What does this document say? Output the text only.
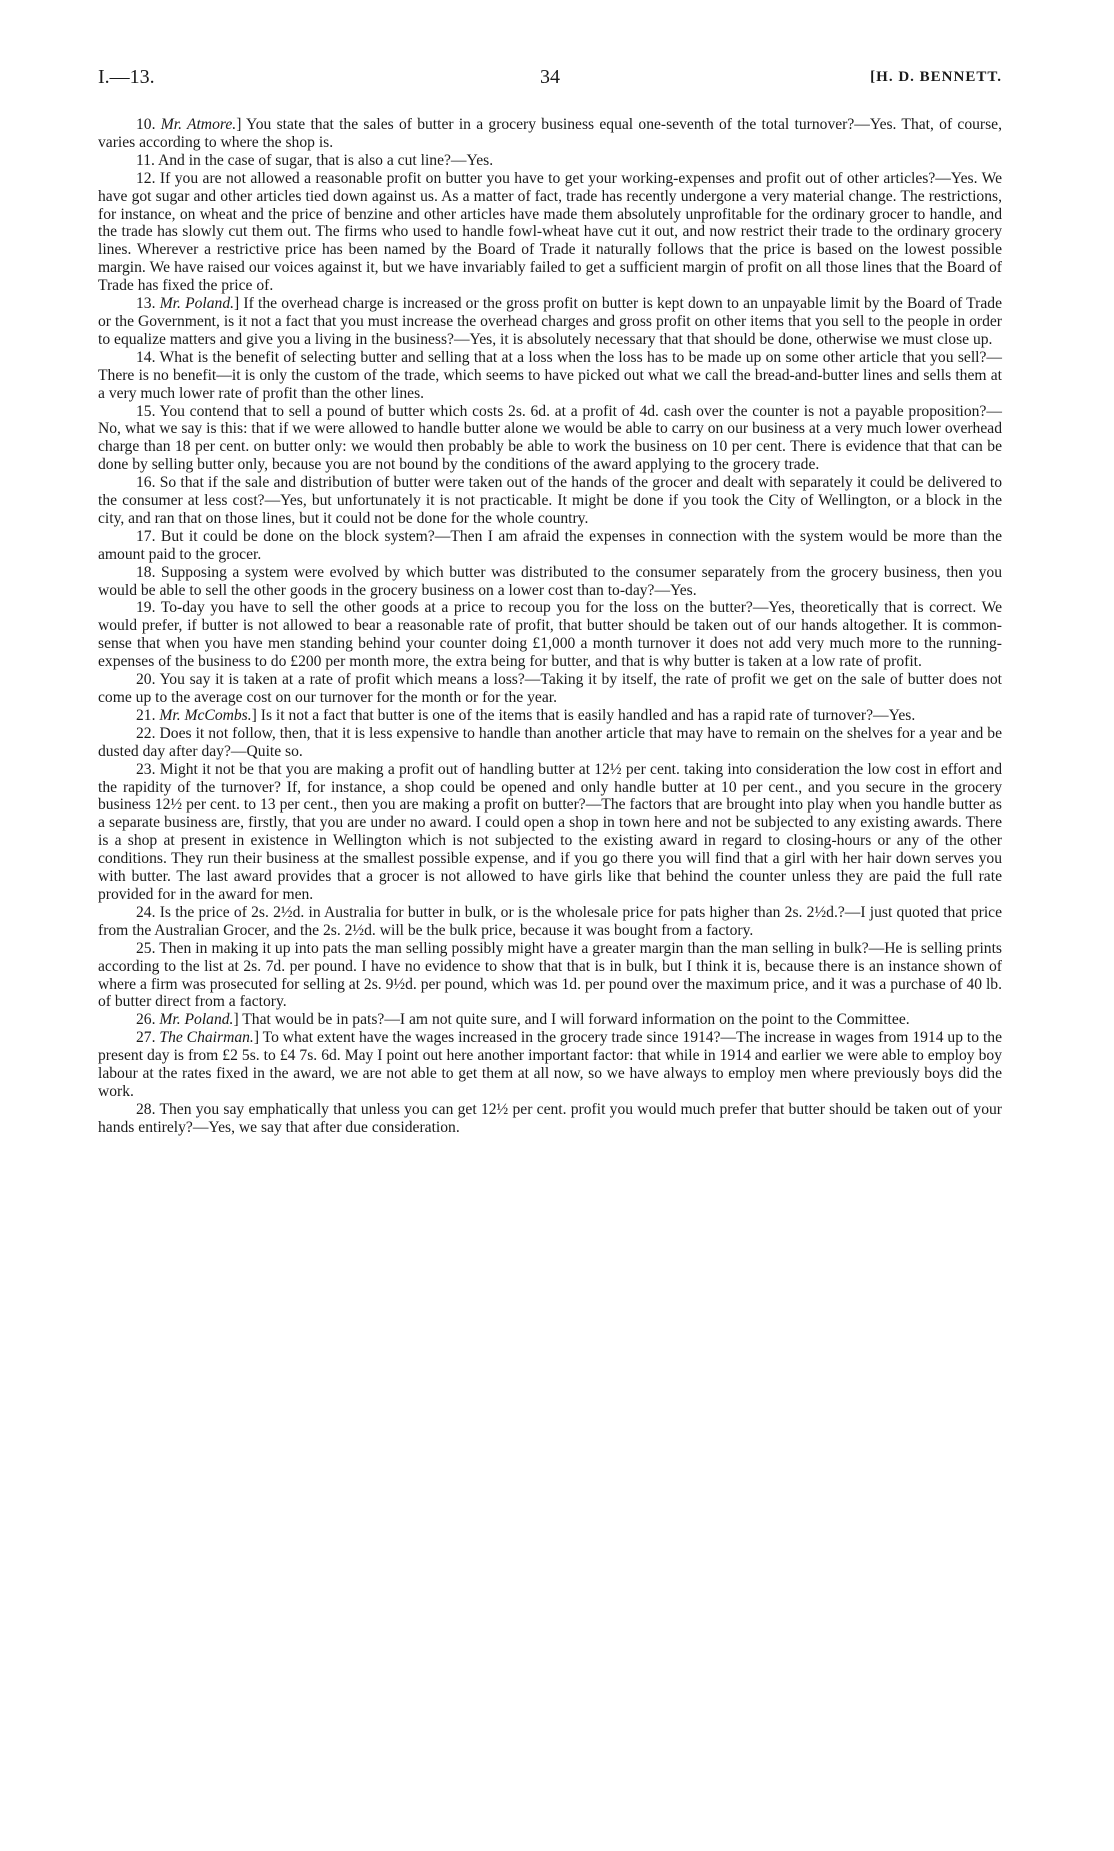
I.—13.	34	[H. D. BENNETT.

10. Mr. Atmore.] You state that the sales of butter in a grocery business equal one-seventh of the total turnover?—Yes. That, of course, varies according to where the shop is.

11. And in the case of sugar, that is also a cut line?—Yes.

12. If you are not allowed a reasonable profit on butter you have to get your working-expenses and profit out of other articles?—Yes. We have got sugar and other articles tied down against us. As a matter of fact, trade has recently undergone a very material change. The restrictions, for instance, on wheat and the price of benzine and other articles have made them absolutely unprofitable for the ordinary grocer to handle, and the trade has slowly cut them out. The firms who used to handle fowl-wheat have cut it out, and now restrict their trade to the ordinary grocery lines. Wherever a restrictive price has been named by the Board of Trade it naturally follows that the price is based on the lowest possible margin. We have raised our voices against it, but we have invariably failed to get a sufficient margin of profit on all those lines that the Board of Trade has fixed the price of.

13. Mr. Poland.] If the overhead charge is increased or the gross profit on butter is kept down to an unpayable limit by the Board of Trade or the Government, is it not a fact that you must increase the overhead charges and gross profit on other items that you sell to the people in order to equalize matters and give you a living in the business?—Yes, it is absolutely necessary that that should be done, otherwise we must close up.

14. What is the benefit of selecting butter and selling that at a loss when the loss has to be made up on some other article that you sell?—There is no benefit—it is only the custom of the trade, which seems to have picked out what we call the bread-and-butter lines and sells them at a very much lower rate of profit than the other lines.

15. You contend that to sell a pound of butter which costs 2s. 6d. at a profit of 4d. cash over the counter is not a payable proposition?—No, what we say is this: that if we were allowed to handle butter alone we would be able to carry on our business at a very much lower overhead charge than 18 per cent. on butter only: we would then probably be able to work the business on 10 per cent. There is evidence that that can be done by selling butter only, because you are not bound by the conditions of the award applying to the grocery trade.

16. So that if the sale and distribution of butter were taken out of the hands of the grocer and dealt with separately it could be delivered to the consumer at less cost?—Yes, but unfortunately it is not practicable. It might be done if you took the City of Wellington, or a block in the city, and ran that on those lines, but it could not be done for the whole country.

17. But it could be done on the block system?—Then I am afraid the expenses in connection with the system would be more than the amount paid to the grocer.

18. Supposing a system were evolved by which butter was distributed to the consumer separately from the grocery business, then you would be able to sell the other goods in the grocery business on a lower cost than to-day?—Yes.

19. To-day you have to sell the other goods at a price to recoup you for the loss on the butter?—Yes, theoretically that is correct. We would prefer, if butter is not allowed to bear a reasonable rate of profit, that butter should be taken out of our hands altogether. It is common-sense that when you have men standing behind your counter doing £1,000 a month turnover it does not add very much more to the running-expenses of the business to do £200 per month more, the extra being for butter, and that is why butter is taken at a low rate of profit.

20. You say it is taken at a rate of profit which means a loss?—Taking it by itself, the rate of profit we get on the sale of butter does not come up to the average cost on our turnover for the month or for the year.

21. Mr. McCombs.] Is it not a fact that butter is one of the items that is easily handled and has a rapid rate of turnover?—Yes.

22. Does it not follow, then, that it is less expensive to handle than another article that may have to remain on the shelves for a year and be dusted day after day?—Quite so.

23. Might it not be that you are making a profit out of handling butter at 12½ per cent. taking into consideration the low cost in effort and the rapidity of the turnover? If, for instance, a shop could be opened and only handle butter at 10 per cent., and you secure in the grocery business 12½ per cent. to 13 per cent., then you are making a profit on butter?—The factors that are brought into play when you handle butter as a separate business are, firstly, that you are under no award. I could open a shop in town here and not be subjected to any existing awards. There is a shop at present in existence in Wellington which is not subjected to the existing award in regard to closing-hours or any of the other conditions. They run their business at the smallest possible expense, and if you go there you will find that a girl with her hair down serves you with butter. The last award provides that a grocer is not allowed to have girls like that behind the counter unless they are paid the full rate provided for in the award for men.

24. Is the price of 2s. 2½d. in Australia for butter in bulk, or is the wholesale price for pats higher than 2s. 2½d.?—I just quoted that price from the Australian Grocer, and the 2s. 2½d. will be the bulk price, because it was bought from a factory.

25. Then in making it up into pats the man selling possibly might have a greater margin than the man selling in bulk?—He is selling prints according to the list at 2s. 7d. per pound. I have no evidence to show that that is in bulk, but I think it is, because there is an instance shown of where a firm was prosecuted for selling at 2s. 9½d. per pound, which was 1d. per pound over the maximum price, and it was a purchase of 40 lb. of butter direct from a factory.

26. Mr. Poland.] That would be in pats?—I am not quite sure, and I will forward information on the point to the Committee.

27. The Chairman.] To what extent have the wages increased in the grocery trade since 1914?—The increase in wages from 1914 up to the present day is from £2 5s. to £4 7s. 6d. May I point out here another important factor: that while in 1914 and earlier we were able to employ boy labour at the rates fixed in the award, we are not able to get them at all now, so we have always to employ men where previously boys did the work.

28. Then you say emphatically that unless you can get 12½ per cent. profit you would much prefer that butter should be taken out of your hands entirely?—Yes, we say that after due consideration.
